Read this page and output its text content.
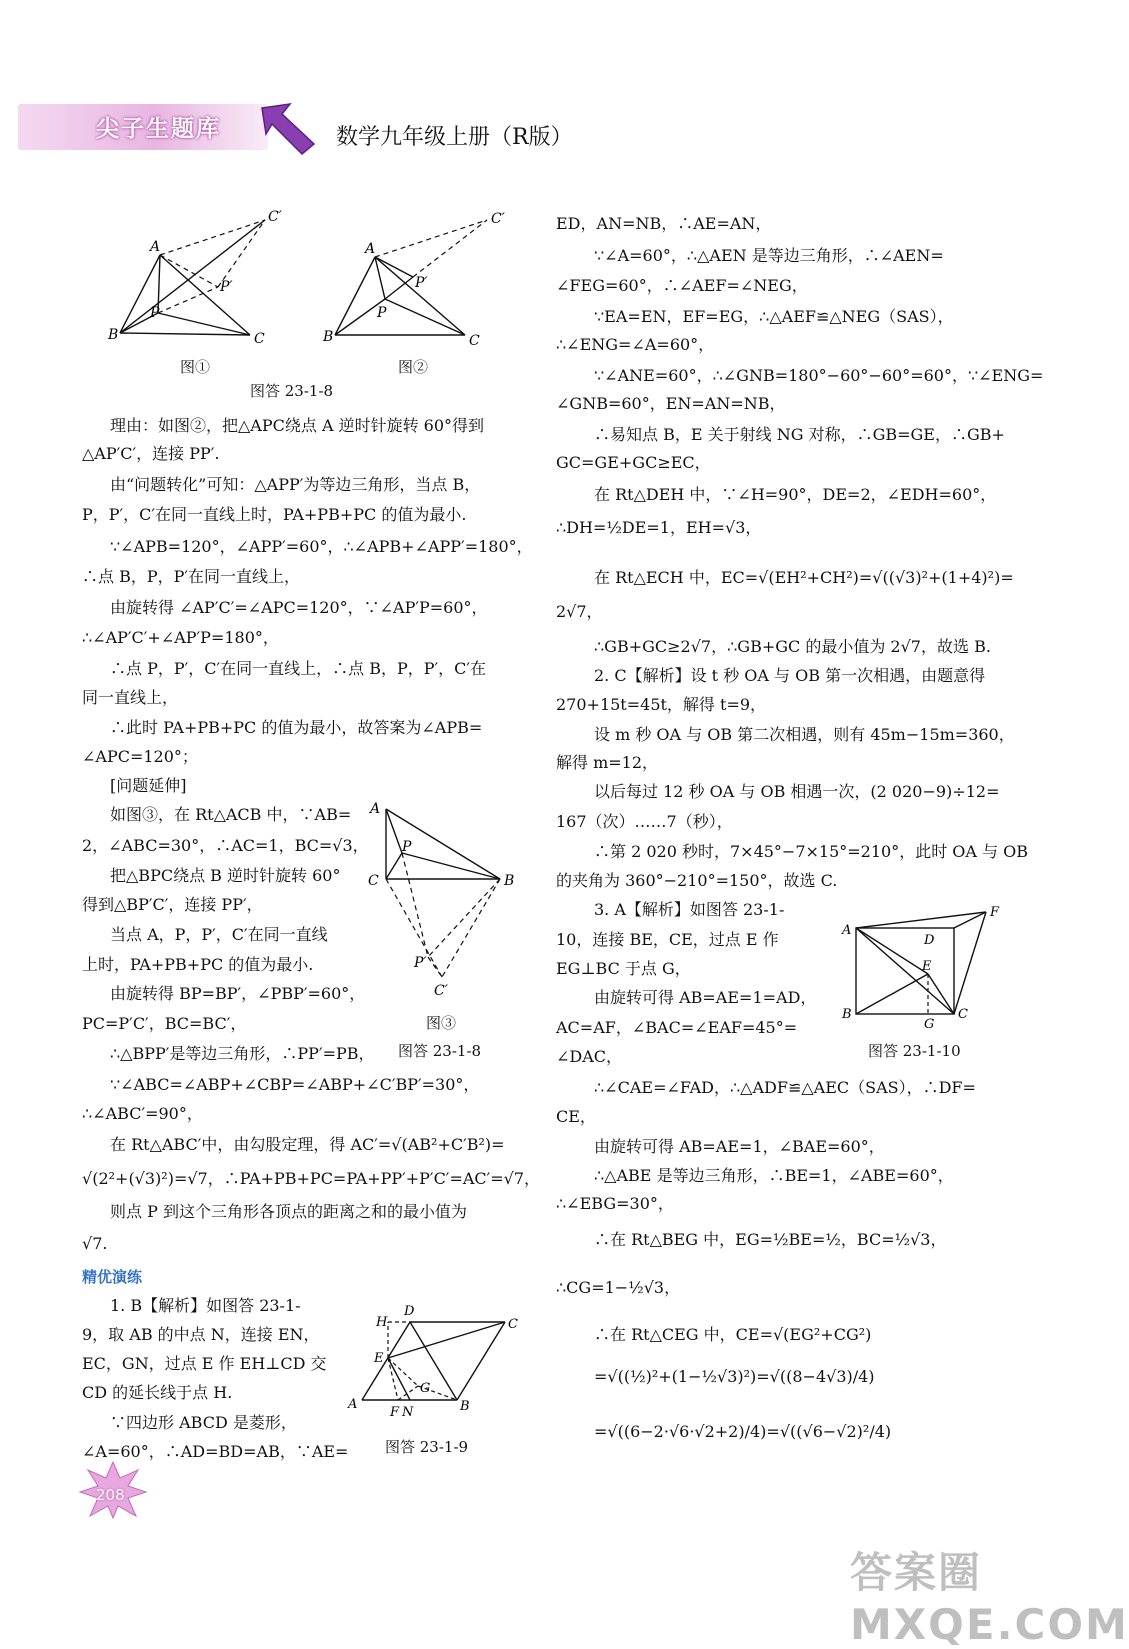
尖子生题库	数学九年级上册（R版）
A
B	C
P
P′
C′
图①
A
B	C
P
P′
C′
图②
图答 23-1-8
理由：如图②，把△APC绕点 A 逆时针旋转 60°得到
△AP′C′，连接 PP′.
由“问题转化”可知：△APP′为等边三角形，当点 B，
P，P′，C′在同一直线上时，PA+PB+PC 的值为最小.
∵∠APB=120°，∠APP′=60°，∴∠APB+∠APP′=180°，
∴点 B，P，P′在同一直线上，
由旋转得 ∠AP′C′=∠APC=120°，∵∠AP′P=60°，
∴∠AP′C′+∠AP′P=180°，
∴点 P，P′，C′在同一直线上，∴点 B，P，P′，C′在
同一直线上，
∴此时 PA+PB+PC 的值为最小，故答案为∠APB=
∠APC=120°；
[问题延伸]
如图③，在 Rt△ACB 中，∵AB=
2，∠ABC=30°，∴AC=1，BC=√3，
把△BPC绕点 B 逆时针旋转 60°
得到△BP′C′，连接 PP′，
当点 A，P，P′，C′在同一直线
上时，PA+PB+PC 的值为最小.
由旋转得 BP=BP′，∠PBP′=60°，
PC=P′C′，BC=BC′，
∴△BPP′是等边三角形，∴PP′=PB，
∵∠ABC=∠ABP+∠CBP=∠ABP+∠C′BP′=30°，
∴∠ABC′=90°，
在 Rt△ABC′中，由勾股定理，得 AC′=√(AB²+C′B²)=
√(2²+(√3)²)=√7，∴PA+PB+PC=PA+PP′+P′C′=AC′=√7，
则点 P 到这个三角形各顶点的距离之和的最小值为
√7.
精优演练
1. B【解析】如图答 23-1-
9，取 AB 的中点 N，连接 EN，
EC，GN，过点 E 作 EH⊥CD 交
CD 的延长线于点 H.
∵四边形 ABCD 是菱形，
∠A=60°，∴AD=BD=AB，∵AE=
A
C	B
P
P′
C′
图③
图答 23-1-8
H
D
C
E
G
A	B
F N
图答 23-1-9
ED，AN=NB，∴AE=AN，
∵∠A=60°，∴△AEN 是等边三角形，∴∠AEN=
∠FEG=60°，∴∠AEF=∠NEG，
∵EA=EN，EF=EG，∴△AEF≌△NEG（SAS），
∴∠ENG=∠A=60°，
∵∠ANE=60°，∴∠GNB=180°−60°−60°=60°，∵∠ENG=
∠GNB=60°，EN=AN=NB，
∴易知点 B，E 关于射线 NG 对称，∴GB=GE，∴GB+
GC=GE+GC≥EC，
在 Rt△DEH 中，∵∠H=90°，DE=2，∠EDH=60°，
∴DH=½DE=1，EH=√3，
在 Rt△ECH 中，EC=√(EH²+CH²)=√((√3)²+(1+4)²)=
2√7，
∴GB+GC≥2√7，∴GB+GC 的最小值为 2√7，故选 B.
2. C【解析】设 t 秒 OA 与 OB 第一次相遇，由题意得
270+15t=45t，解得 t=9，
设 m 秒 OA 与 OB 第二次相遇，则有 45m−15m=360，
解得 m=12，
以后每过 12 秒 OA 与 OB 相遇一次，(2 020−9)÷12=
167（次）……7（秒），
∴第 2 020 秒时，7×45°−7×15°=210°，此时 OA 与 OB
的夹角为 360°−210°=150°，故选 C.
3. A【解析】如图答 23-1-
10，连接 BE，CE，过点 E 作
EG⊥BC 于点 G，
由旋转可得 AB=AE=1=AD，
AC=AF，∠BAC=∠EAF=45°=
∠DAC，
∴∠CAE=∠FAD，∴△ADF≌△AEC（SAS），∴DF=
CE，
由旋转可得 AB=AE=1，∠BAE=60°，
∴△ABE 是等边三角形，∴BE=1，∠ABE=60°，
∴∠EBG=30°，
∴在 Rt△BEG 中，EG=½BE=½，BC=½√3，
∴CG=1−½√3，
∴在 Rt△CEG 中，CE=√(EG²+CG²)
=√((½)²+(1−½√3)²)=√((8−4√3)/4)
=√((6−2·√6·√2+2)/4)=√((√6−√2)²/4)
A
D
F
E
B	C
G
图答 23-1-10
208
答案圈 MXQE.COM
